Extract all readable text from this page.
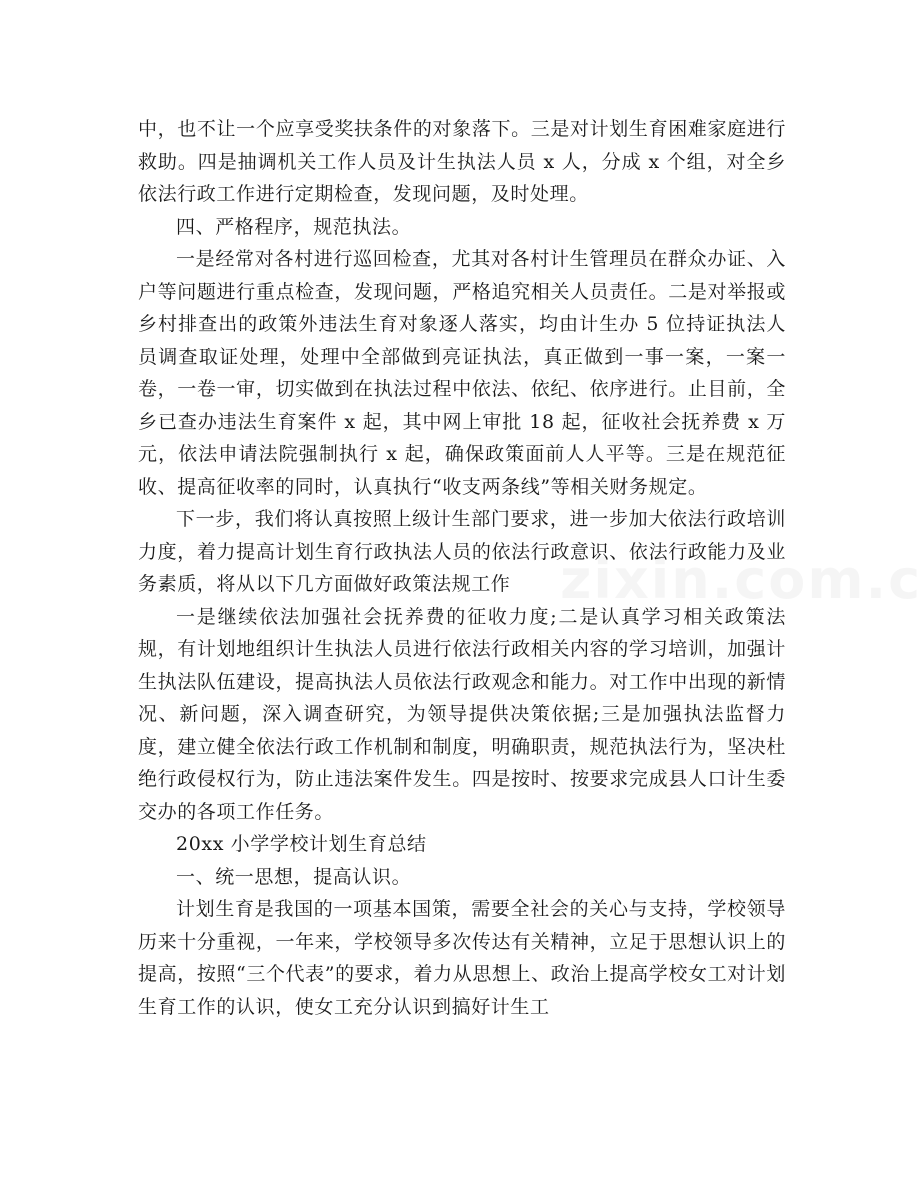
中，也不让一个应享受奖扶条件的对象落下。三是对计划生育困难家庭进行救助。四是抽调机关工作人员及计生执法人员 x 人，分成 x 个组，对全乡依法行政工作进行定期检查，发现问题，及时处理。

四、严格程序，规范执法。

一是经常对各村进行巡回检查，尤其对各村计生管理员在群众办证、入户等问题进行重点检查，发现问题，严格追究相关人员责任。二是对举报或乡村排查出的政策外违法生育对象逐人落实，均由计生办 5 位持证执法人员调查取证处理，处理中全部做到亮证执法，真正做到一事一案，一案一卷，一卷一审，切实做到在执法过程中依法、依纪、依序进行。止目前，全乡已查办违法生育案件 x 起，其中网上审批 18 起，征收社会抚养费 x 万元，依法申请法院强制执行 x 起，确保政策面前人人平等。三是在规范征收、提高征收率的同时，认真执行“收支两条线”等相关财务规定。

下一步，我们将认真按照上级计生部门要求，进一步加大依法行政培训力度，着力提高计划生育行政执法人员的依法行政意识、依法行政能力及业务素质，将从以下几方面做好政策法规工作

一是继续依法加强社会抚养费的征收力度;二是认真学习相关政策法规，有计划地组织计生执法人员进行依法行政相关内容的学习培训，加强计生执法队伍建设，提高执法人员依法行政观念和能力。对工作中出现的新情况、新问题，深入调查研究，为领导提供决策依据;三是加强执法监督力度，建立健全依法行政工作机制和制度，明确职责，规范执法行为，坚决杜绝行政侵权行为，防止违法案件发生。四是按时、按要求完成县人口计生委交办的各项工作任务。

20xx 小学学校计划生育总结

一、统一思想，提高认识。

计划生育是我国的一项基本国策，需要全社会的关心与支持，学校领导历来十分重视，一年来，学校领导多次传达有关精神，立足于思想认识上的提高，按照“三个代表”的要求，着力从思想上、政治上提高学校女工对计划生育工作的认识，使女工充分认识到搞好计生工
